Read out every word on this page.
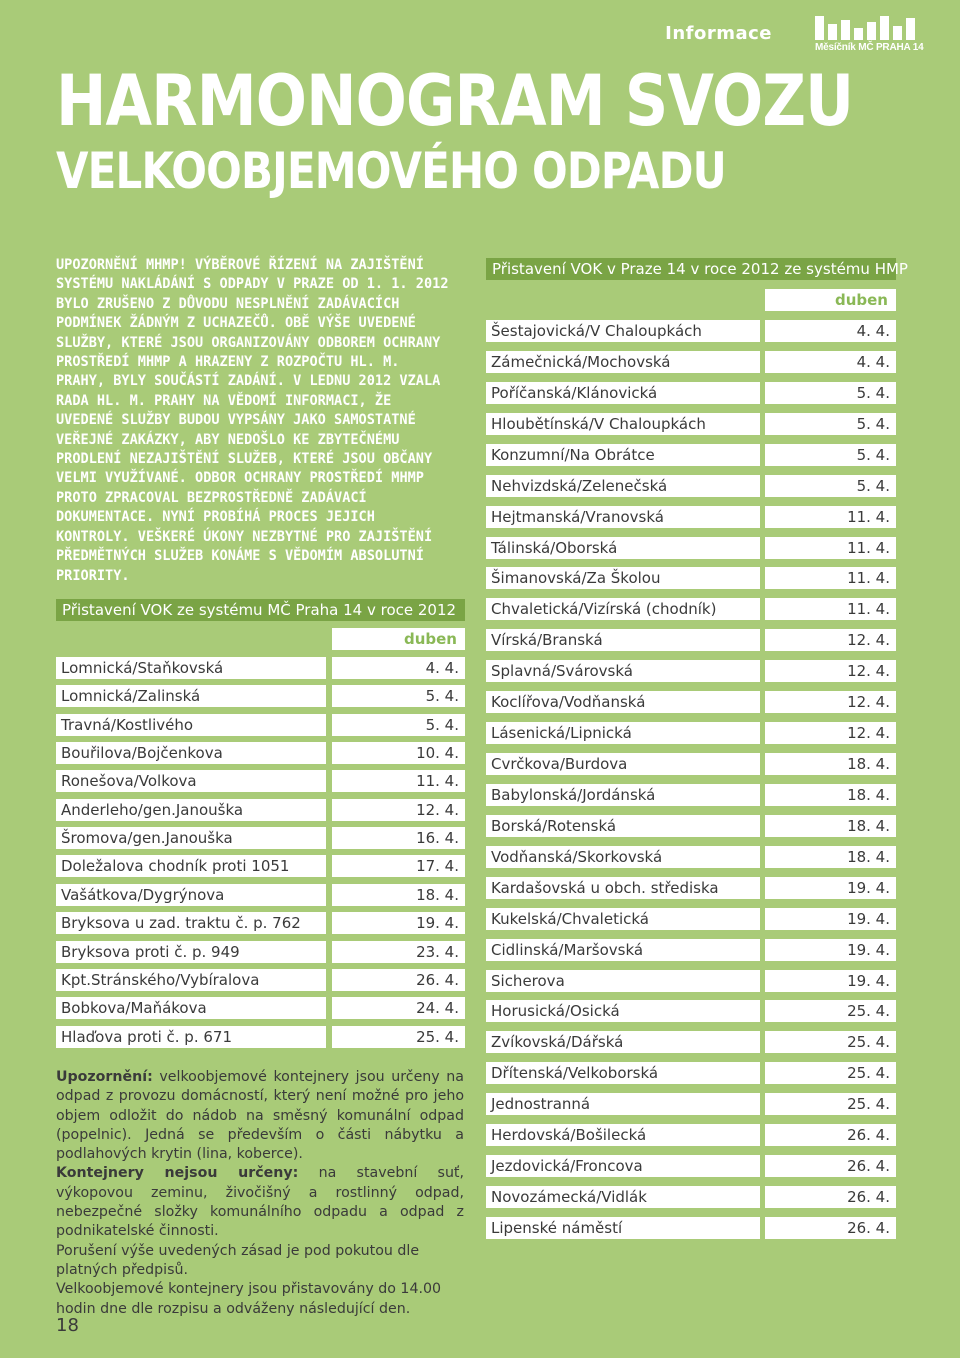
Informace
Měsíčník MČ PRAHA 14
HARMONOGRAM SVOZU
VELKOOBJEMOVÉHO ODPADU
UPOZORNĚNÍ MHMP! VÝBĚROVÉ ŘÍZENÍ NA ZAJIŠTĚNÍ SYSTÉMU NAKLÁDÁNÍ S ODPADY V PRAZE OD 1. 1. 2012 BYLO ZRUŠENO Z DŮVODU NESPLNĚNÍ ZADÁVACÍCH PODMÍNEK ŽÁDNÝM Z UCHAZEČŮ. OBĚ VÝŠE UVEDENÉ SLUŽBY, KTERÉ JSOU ORGANIZOVÁNY ODBOREM OCHRANY PROSTŘEDÍ MHMP A HRAZENY Z ROZPOČTU HL. M. PRAHY, BYLY SOUČÁSTÍ ZADÁNÍ. V LEDNU 2012 VZALA RADA HL. M. PRAHY NA VĚDOMÍ INFORMACI, ŽE UVEDENÉ SLUŽBY BUDOU VYPSÁNY JAKO SAMOSTATNÉ VEŘEJNÉ ZAKÁZKY, ABY NEDOŠLO KE ZBYTEČNÉMU PRODLENÍ NEZAJIŠTĚNÍ SLUŽEB, KTERÉ JSOU OBČANY VELMI VYUŽÍVANÉ. ODBOR OCHRANY PROSTŘEDÍ MHMP PROTO ZPRACOVAL BEZPROSTŘEDNĚ ZADÁVACÍ DOKUMENTACE. NYNÍ PROBÍHÁ PROCES JEJICH KONTROLY. VEŠKERÉ ÚKONY NEZBYTNÉ PRO ZAJIŠTĚNÍ PŘEDMĚTNÝCH SLUŽEB KONÁME S VĚDOMÍM ABSOLUTNÍ PRIORITY.
Přistavení VOK ze systému MČ Praha 14 v roce 2012
duben
Lomnická/Staňkovská	4. 4.
Lomnická/Zalinská	5. 4.
Travná/Kostlivého	5. 4.
Bouřilova/Bojčenkova	10. 4.
Ronešova/Volkova	11. 4.
Anderleho/gen.Janouška	12. 4.
Šromova/gen.Janouška	16. 4.
Doležalova chodník proti 1051	17. 4.
Vašátkova/Dygrýnova	18. 4.
Bryksova u zad. traktu č. p. 762	19. 4.
Bryksova proti č. p. 949	23. 4.
Kpt.Stránského/Vybíralova	26. 4.
Bobkova/Maňákova	24. 4.
Hlaďova proti č. p. 671	25. 4.
Přistavení VOK v Praze 14 v roce 2012 ze systému HMP
duben
Šestajovická/V Chaloupkách	4. 4.
Zámečnická/Mochovská	4. 4.
Poříčanská/Klánovická	5. 4.
Hloubětínská/V Chaloupkách	5. 4.
Konzumní/Na Obrátce	5. 4.
Nehvizdská/Zelenečská	5. 4.
Hejtmanská/Vranovská	11. 4.
Tálinská/Oborská	11. 4.
Šimanovská/Za Školou	11. 4.
Chvaletická/Vizírská (chodník)	11. 4.
Vírská/Branská	12. 4.
Splavná/Svárovská	12. 4.
Koclířova/Vodňanská	12. 4.
Lásenická/Lipnická	12. 4.
Cvrčkova/Burdova	18. 4.
Babylonská/Jordánská	18. 4.
Borská/Rotenská	18. 4.
Vodňanská/Skorkovská	18. 4.
Kardašovská u obch. střediska	19. 4.
Kukelská/Chvaletická	19. 4.
Cidlinská/Maršovská	19. 4.
Sicherova	19. 4.
Horusická/Osická	25. 4.
Zvíkovská/Dářská	25. 4.
Dřítenská/Velkoborská	25. 4.
Jednostranná	25. 4.
Herdovská/Bošilecká	26. 4.
Jezdovická/Froncova	26. 4.
Novozámecká/Vidlák	26. 4.
Lipenské náměstí	26. 4.

Upozornění: velkoobjemové kontejnery jsou určeny na odpad z provozu domácností, který není možné pro jeho objem odložit do nádob na směsný komunální odpad (popelnic). Jedná se především o části nábytku a podlahových krytin (lina, koberce).

Kontejnery nejsou určeny: na stavební suť, výkopovou zeminu, živočišný a rostlinný odpad, nebezpečné složky komunálního odpadu a odpad z podnikatelské činnosti.

Porušení výše uvedených zásad je pod pokutou dle platných předpisů.

Velkoobjemové kontejnery jsou přistavovány do 14.00 hodin dne dle rozpisu a odváženy následující den.

18
